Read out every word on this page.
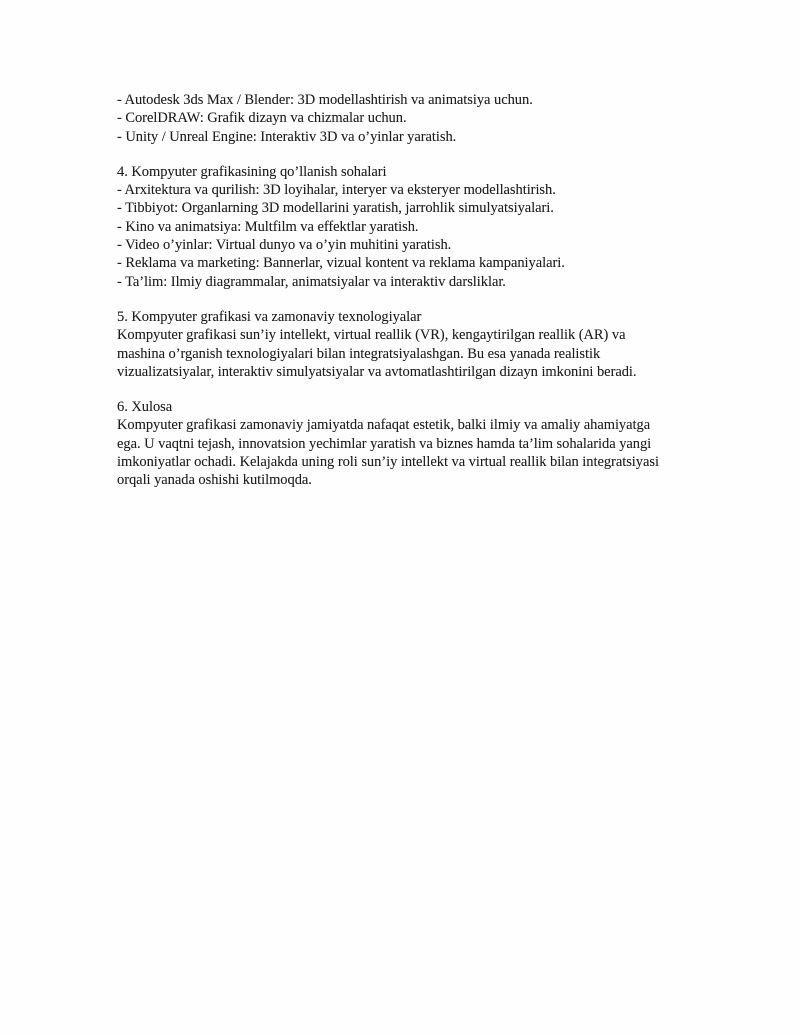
- Autodesk 3ds Max / Blender: 3D modellashtirish va animatsiya uchun.
- CorelDRAW: Grafik dizayn va chizmalar uchun.
- Unity / Unreal Engine: Interaktiv 3D va o’yinlar yaratish.
4. Kompyuter grafikasining qo’llanish sohalari
- Arxitektura va qurilish: 3D loyihalar, interyer va eksteryer modellashtirish.
- Tibbiyot: Organlarning 3D modellarini yaratish, jarrohlik simulyatsiyalari.
- Kino va animatsiya: Multfilm va effektlar yaratish.
- Video o’yinlar: Virtual dunyo va o’yin muhitini yaratish.
- Reklama va marketing: Bannerlar, vizual kontent va reklama kampaniyalari.
- Ta’lim: Ilmiy diagrammalar, animatsiyalar va interaktiv darsliklar.
5. Kompyuter grafikasi va zamonaviy texnologiyalar
Kompyuter grafikasi sun’iy intellekt, virtual reallik (VR), kengaytirilgan reallik (AR) va
mashina o’rganish texnologiyalari bilan integratsiyalashgan. Bu esa yanada realistik
vizualizatsiyalar, interaktiv simulyatsiyalar va avtomatlashtirilgan dizayn imkonini beradi.
6. Xulosa
Kompyuter grafikasi zamonaviy jamiyatda nafaqat estetik, balki ilmiy va amaliy ahamiyatga
ega. U vaqtni tejash, innovatsion yechimlar yaratish va biznes hamda ta’lim sohalarida yangi
imkoniyatlar ochadi. Kelajakda uning roli sun’iy intellekt va virtual reallik bilan integratsiyasi
orqali yanada oshishi kutilmoqda.
